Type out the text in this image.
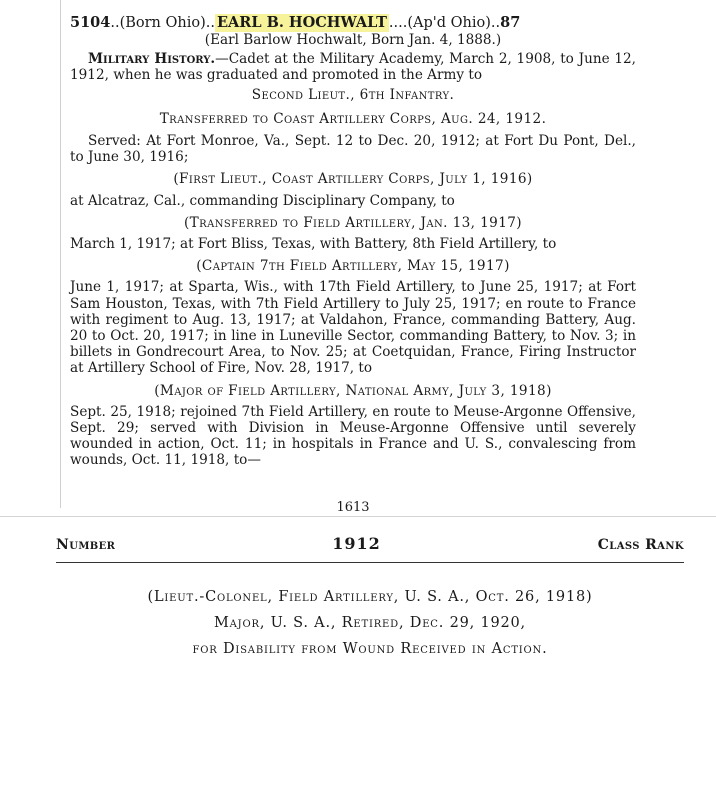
5104 .. (Born Ohio) .. EARL B. HOCHWALT .... (Ap'd Ohio) .. 87
(Earl Barlow Hochwalt, Born Jan. 4, 1888.)
Military History.—Cadet at the Military Academy, March 2, 1908, to June 12, 1912, when he was graduated and promoted in the Army to
Second Lieut., 6th Infantry.
Transferred to Coast Artillery Corps, Aug. 24, 1912.
Served: At Fort Monroe, Va., Sept. 12 to Dec. 20, 1912; at Fort Du Pont, Del., to June 30, 1916;
(First Lieut., Coast Artillery Corps, July 1, 1916)
at Alcatraz, Cal., commanding Disciplinary Company, to
(Transferred to Field Artillery, Jan. 13, 1917)
March 1, 1917; at Fort Bliss, Texas, with Battery, 8th Field Artillery, to
(Captain 7th Field Artillery, May 15, 1917)
June 1, 1917; at Sparta, Wis., with 17th Field Artillery, to June 25, 1917; at Fort Sam Houston, Texas, with 7th Field Artillery to July 25, 1917; en route to France with regiment to Aug. 13, 1917; at Valdahon, France, commanding Battery, Aug. 20 to Oct. 20, 1917; in line in Luneville Sector, commanding Battery, to Nov. 3; in billets in Gondrecourt Area, to Nov. 25; at Coetquidan, France, Firing Instructor at Artillery School of Fire, Nov. 28, 1917, to
(Major of Field Artillery, National Army, July 3, 1918)
Sept. 25, 1918; rejoined 7th Field Artillery, en route to Meuse-Argonne Offensive, Sept. 29; served with Division in Meuse-Argonne Offensive until severely wounded in action, Oct. 11; in hospitals in France and U. S., convalescing from wounds, Oct. 11, 1918, to—
1613
Number	1912	Class Rank
(Lieut.-Colonel, Field Artillery, U. S. A., Oct. 26, 1918)
Major, U. S. A., Retired, Dec. 29, 1920,
for Disability from Wound Received in Action.
